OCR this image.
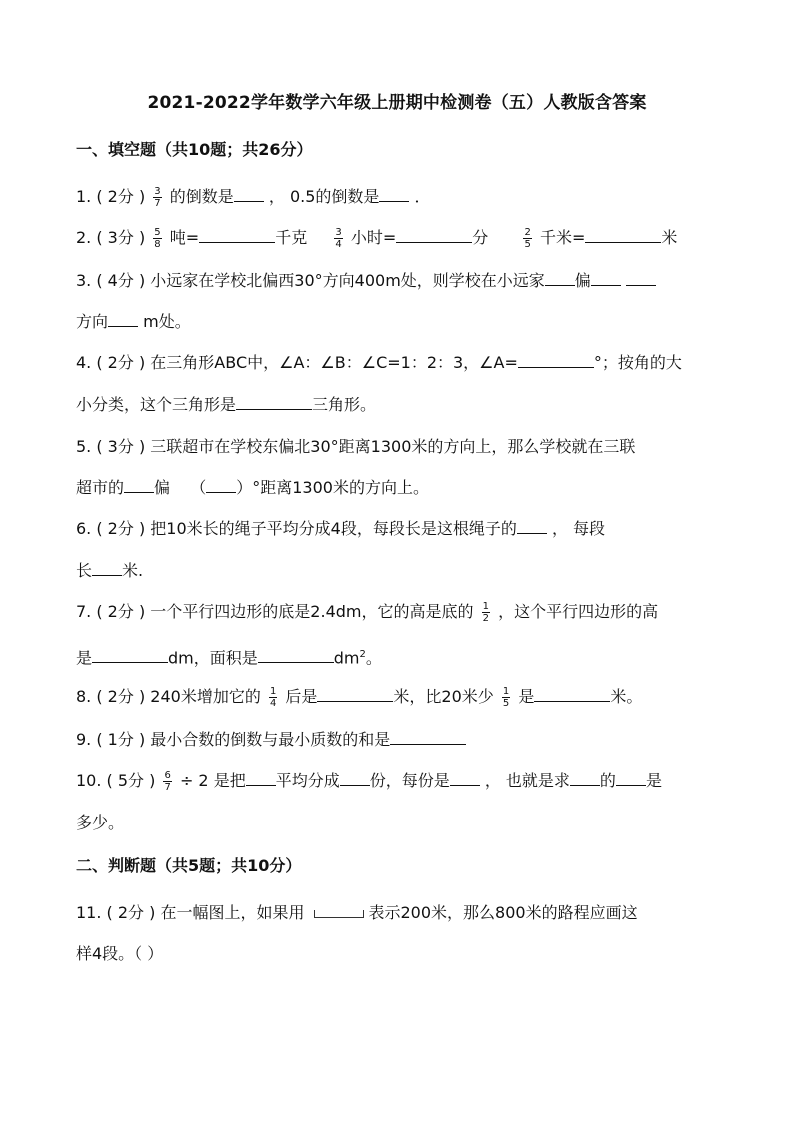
2021-2022学年数学六年级上册期中检测卷（五）人教版含答案
一、填空题（共10题；共26分）
1. ( 2分 ) $\frac{3}{7}$ 的倒数是 ， 0.5的倒数是 ．
2. ( 3分 ) $\frac{5}{8}$ 吨=	千克	$\frac{3}{4}$ 小时=	分	$\frac{2}{5}$ 千米=	米
3. ( 4分 ) 小远家在学校北偏西30°方向400m处，则学校在小远家 偏
方向 m处。
4. ( 2分 ) 在三角形ABC中，∠A：∠B：∠C=1：2：3，∠A=	°；按角的大
小分类，这个三角形是	三角形。
5. ( 3分 ) 三联超市在学校东偏北30°距离1300米的方向上，那么学校就在三联
超市的 偏 （ ）°距离1300米的方向上。
6. ( 2分 ) 把10米长的绳子平均分成4段，每段长是这根绳子的 ， 每段
长 米.
7. ( 2分 ) 一个平行四边形的底是2.4dm，它的高是底的 $\frac{1}{2}$ ，这个平行四边形的高
是	dm，面积是	$dm^2$。
8. ( 2分 ) 240米增加它的 $\frac{1}{4}$ 后是	米，比20米少 $\frac{1}{5}$ 是	米。
9. ( 1分 ) 最小合数的倒数与最小质数的和是
10. ( 5分 ) $\frac{6}{7} \div 2$ 是把 平均分成 份，每份是 ， 也就是求 的 是
多少。
二、判断题（共5题；共10分）
11. ( 2分 ) 在一幅图上，如果用	表示200米，那么800米的路程应画这
样4段。（ ）
